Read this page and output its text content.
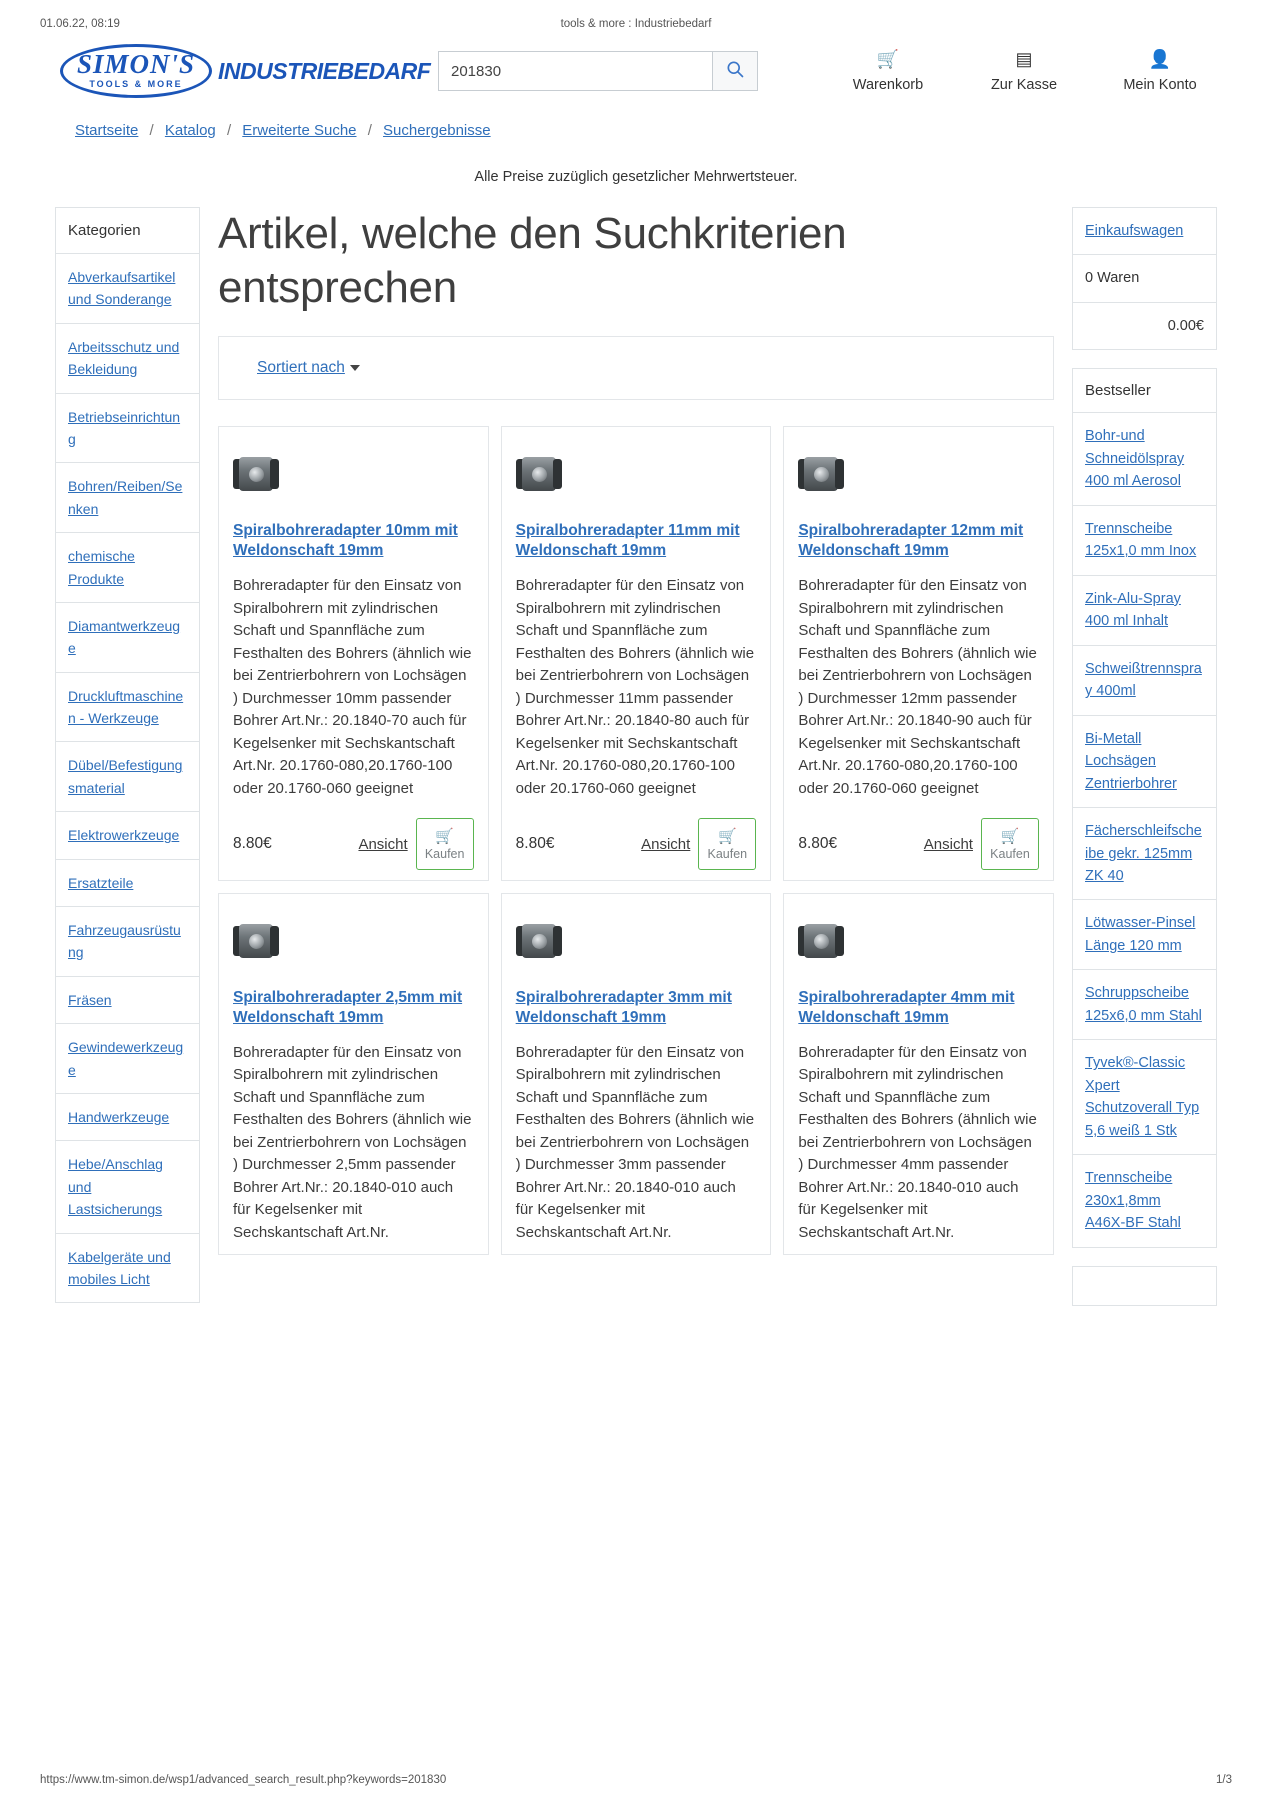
01.06.22, 08:19	tools & more : Industriebedarf
SIMON'S
TOOLS & MORE
INDUSTRIEBEDARF
201830	🛒
Warenkorb
▤
Zur Kasse
👤
Mein Konto
Startseite / Katalog / Erweiterte Suche / Suchergebnisse
Alle Preise zuzüglich gesetzlicher Mehrwertsteuer.
Kategorien
Abverkaufsartikel und Sonderange
Arbeitsschutz und Bekleidung
Betriebseinrichtung
Bohren/Reiben/Senken
chemische Produkte
Diamantwerkzeuge
Druckluftmaschinen - Werkzeuge
Dübel/Befestigungsmaterial
Elektrowerkzeuge
Ersatzteile
Fahrzeugausrüstung
Fräsen
Gewindewerkzeuge
Handwerkzeuge
Hebe/Anschlag und Lastsicherungs
Kabelgeräte und mobiles Licht
Artikel, welche den Suchkriterien entsprechen
Sortiert nach
Spiralbohreradapter 10mm mit Weldonschaft 19mm
Bohreradapter für den Einsatz von Spiralbohrern mit zylindrischen Schaft und Spannfläche zum Festhalten des Bohrers (ähnlich wie bei Zentrierbohrern von Lochsägen ) Durchmesser 10mm passender Bohrer Art.Nr.: 20.1840-70 auch für Kegelsenker mit Sechskantschaft Art.Nr. 20.1760-080,20.1760-100 oder 20.1760-060 geeignet
8.80€	Ansicht 🛒
Kaufen
Spiralbohreradapter 11mm mit Weldonschaft 19mm
Bohreradapter für den Einsatz von Spiralbohrern mit zylindrischen Schaft und Spannfläche zum Festhalten des Bohrers (ähnlich wie bei Zentrierbohrern von Lochsägen ) Durchmesser 11mm passender Bohrer Art.Nr.: 20.1840-80 auch für Kegelsenker mit Sechskantschaft Art.Nr. 20.1760-080,20.1760-100 oder 20.1760-060 geeignet
8.80€	Ansicht 🛒
Kaufen
Spiralbohreradapter 12mm mit Weldonschaft 19mm
Bohreradapter für den Einsatz von Spiralbohrern mit zylindrischen Schaft und Spannfläche zum Festhalten des Bohrers (ähnlich wie bei Zentrierbohrern von Lochsägen ) Durchmesser 12mm passender Bohrer Art.Nr.: 20.1840-90 auch für Kegelsenker mit Sechskantschaft Art.Nr. 20.1760-080,20.1760-100 oder 20.1760-060 geeignet
8.80€	Ansicht 🛒
Kaufen
Spiralbohreradapter 2,5mm mit Weldonschaft 19mm
Bohreradapter für den Einsatz von Spiralbohrern mit zylindrischen Schaft und Spannfläche zum Festhalten des Bohrers (ähnlich wie bei Zentrierbohrern von Lochsägen ) Durchmesser 2,5mm passender Bohrer Art.Nr.: 20.1840-010 auch für Kegelsenker mit Sechskantschaft Art.Nr.
Spiralbohreradapter 3mm mit Weldonschaft 19mm
Bohreradapter für den Einsatz von Spiralbohrern mit zylindrischen Schaft und Spannfläche zum Festhalten des Bohrers (ähnlich wie bei Zentrierbohrern von Lochsägen ) Durchmesser 3mm passender Bohrer Art.Nr.: 20.1840-010 auch für Kegelsenker mit Sechskantschaft Art.Nr.
Spiralbohreradapter 4mm mit Weldonschaft 19mm
Bohreradapter für den Einsatz von Spiralbohrern mit zylindrischen Schaft und Spannfläche zum Festhalten des Bohrers (ähnlich wie bei Zentrierbohrern von Lochsägen ) Durchmesser 4mm passender Bohrer Art.Nr.: 20.1840-010 auch für Kegelsenker mit Sechskantschaft Art.Nr.
Einkaufswagen
0 Waren
0.00€
Bestseller
Bohr-und Schneidölspray 400 ml Aerosol
Trennscheibe 125x1,0 mm Inox
Zink-Alu-Spray 400 ml Inhalt
Schweißtrennspray 400ml
Bi-Metall Lochsägen Zentrierbohrer
Fächerschleifscheibe gekr. 125mm ZK 40
Lötwasser-Pinsel Länge 120 mm
Schruppscheibe 125x6,0 mm Stahl
Tyvek®-Classic Xpert Schutzoverall Typ 5,6 weiß 1 Stk
Trennscheibe 230x1,8mm A46X-BF Stahl
https://www.tm-simon.de/wsp1/advanced_search_result.php?keywords=201830	1/3
